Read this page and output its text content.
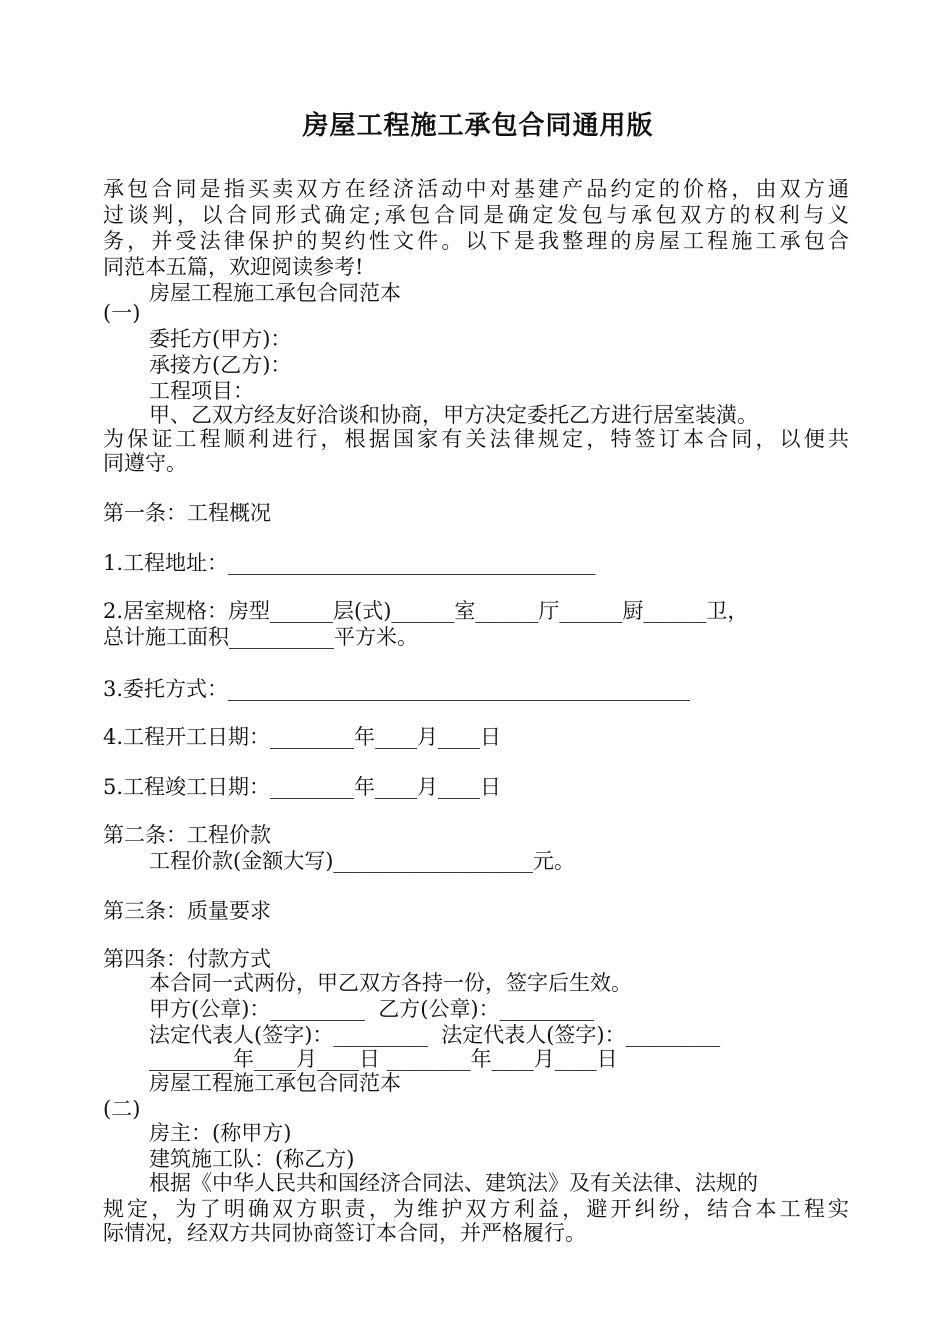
房屋工程施工承包合同通用版
承包合同是指买卖双方在经济活动中对基建产品约定的价格，由双方通
过谈判，以合同形式确定;承包合同是确定发包与承包双方的权利与义
务，并受法律保护的契约性文件。以下是我整理的房屋工程施工承包合
同范本五篇，欢迎阅读参考!
房屋工程施工承包合同范本
(一)
委托方(甲方)：
承接方(乙方)：
工程项目：
甲、乙双方经友好洽谈和协商，甲方决定委托乙方进行居室装潢。
为保证工程顺利进行，根据国家有关法律规定，特签订本合同，以便共
同遵守。
第一条：工程概况
1.工程地址：___________________________________
2.居室规格：房型______层(式)______室______厅______厨______卫，
总计施工面积__________平方米。
3.委托方式：____________________________________________
4.工程开工日期：________年____月____日
5.工程竣工日期：________年____月____日
第二条：工程价款
工程价款(金额大写)___________________元。
第三条：质量要求
第四条：付款方式
本合同一式两份，甲乙双方各持一份，签字后生效。
甲方(公章)：_________  乙方(公章)：_________
法定代表人(签字)：_________  法定代表人(签字)：_________
________年____月____日 ________年____月____日
房屋工程施工承包合同范本
(二)
房主：(称甲方)
建筑施工队：(称乙方)
根据《中华人民共和国经济合同法、建筑法》及有关法律、法规的
规定，为了明确双方职责，为维护双方利益，避开纠纷，结合本工程实
际情况，经双方共同协商签订本合同，并严格履行。
